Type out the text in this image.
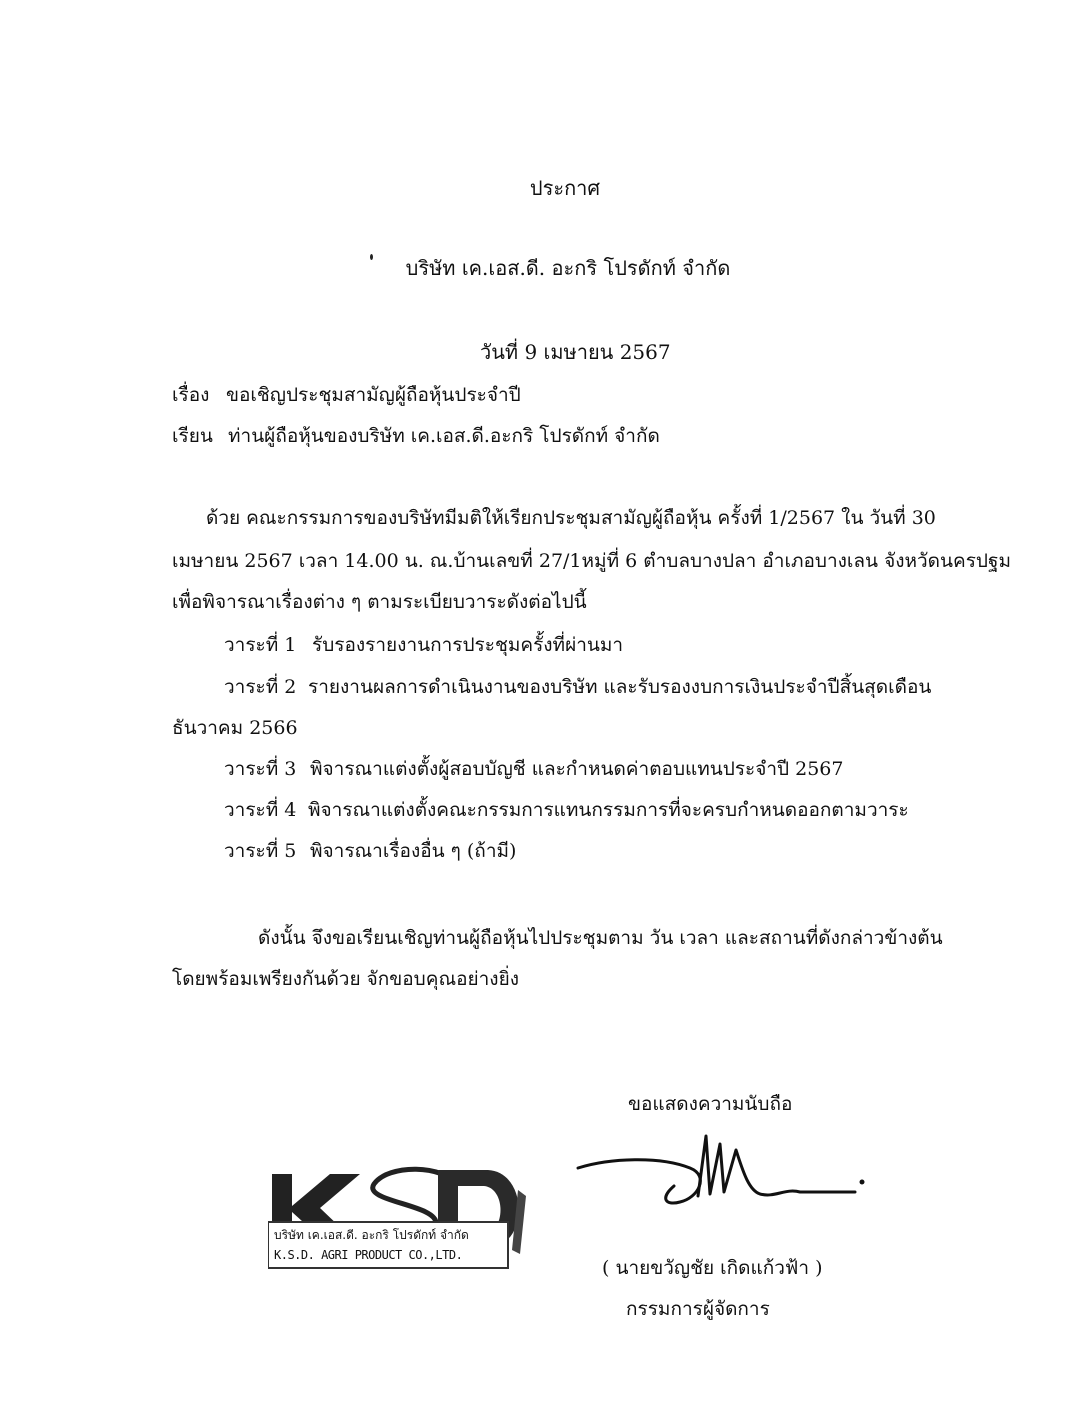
ประกาศ
บริษัท เค.เอส.ดี. อะกริ โปรดักท์ จำกัด
วันที่ 9 เมษายน 2567
เรื่อง ขอเชิญประชุมสามัญผู้ถือหุ้นประจำปี
เรียน ท่านผู้ถือหุ้นของบริษัท เค.เอส.ดี.อะกริ โปรดักท์ จำกัด
ด้วย คณะกรรมการของบริษัทมีมติให้เรียกประชุมสามัญผู้ถือหุ้น ครั้งที่ 1/2567 ใน วันที่ 30
เมษายน 2567 เวลา 14.00 น. ณ.บ้านเลขที่ 27/1หมู่ที่ 6 ตำบลบางปลา อำเภอบางเลน จังหวัดนครปฐม
เพื่อพิจารณาเรื่องต่าง ๆ ตามระเบียบวาระดังต่อไปนี้
วาระที่ 1 รับรองรายงานการประชุมครั้งที่ผ่านมา
วาระที่ 2 รายงานผลการดำเนินงานของบริษัท และรับรองงบการเงินประจำปีสิ้นสุดเดือน
ธันวาคม 2566
วาระที่ 3 พิจารณาแต่งตั้งผู้สอบบัญชี และกำหนดค่าตอบแทนประจำปี 2567
วาระที่ 4 พิจารณาแต่งตั้งคณะกรรมการแทนกรรมการที่จะครบกำหนดออกตามวาระ
วาระที่ 5 พิจารณาเรื่องอื่น ๆ (ถ้ามี)
ดังนั้น จึงขอเรียนเชิญท่านผู้ถือหุ้นไปประชุมตาม วัน เวลา และสถานที่ดังกล่าวข้างต้น
โดยพร้อมเพรียงกันด้วย จักขอบคุณอย่างยิ่ง
ขอแสดงความนับถือ
( นายขวัญชัย เกิดแก้วฟ้า )
กรรมการผู้จัดการ
บริษัท เค.เอส.ดี. อะกริ โปรดักท์ จำกัด
K.S.D. AGRI PRODUCT CO.,LTD.
